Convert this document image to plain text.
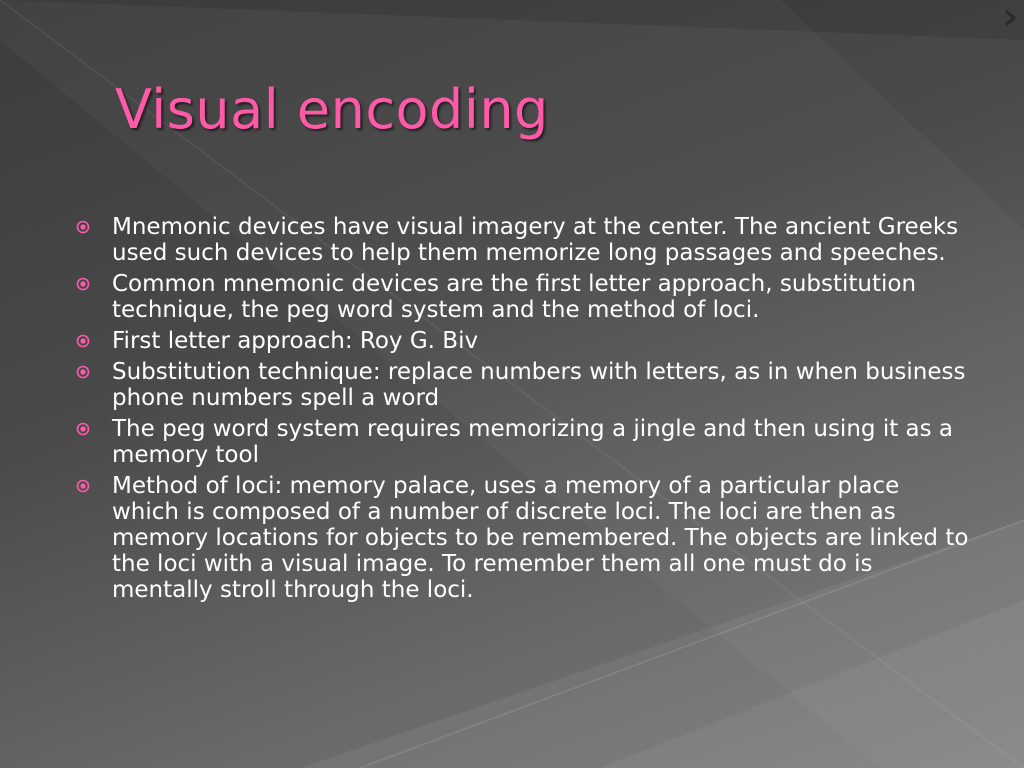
Visual encoding
Mnemonic devices have visual imagery at the center. The ancient Greeks used such devices to help them memorize long passages and speeches.
Common mnemonic devices are the first letter approach, substitution technique, the peg word system and the method of loci.
First letter approach: Roy G. Biv
Substitution technique: replace numbers with letters, as in when business phone numbers spell a word
The peg word system requires memorizing a jingle and then using it as a memory tool
Method of loci: memory palace, uses a memory of a particular place which is composed of a number of discrete loci. The loci are then as memory locations for objects to be remembered. The objects are linked to the loci with a visual image. To remember them all one must do is mentally stroll through the loci.
